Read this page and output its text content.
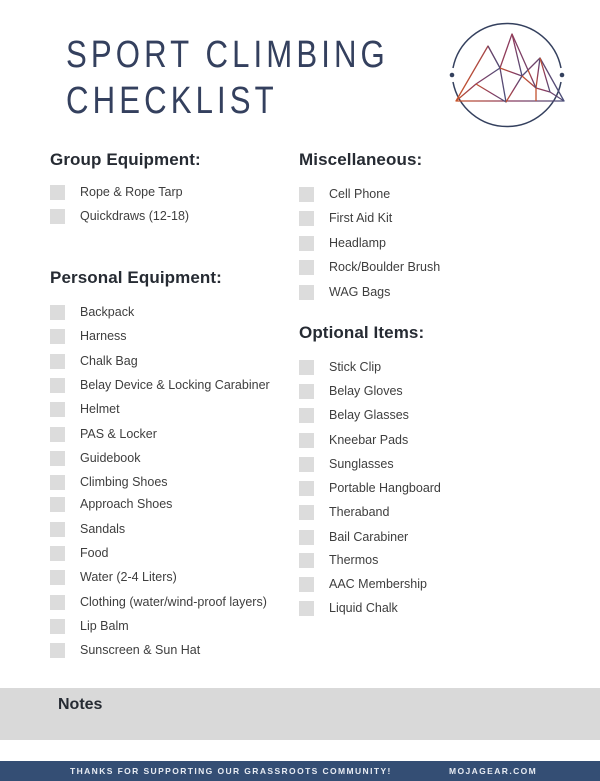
SPORT CLIMBING
CHECKLIST
Group Equipment:
Rope & Rope Tarp
Quickdraws (12-18)
Personal Equipment:
Backpack
Harness
Chalk Bag
Belay Device & Locking Carabiner
Helmet
PAS & Locker
Guidebook
Climbing Shoes
Approach Shoes
Sandals
Food
Water (2-4 Liters)
Clothing (water/wind-proof layers)
Lip Balm
Sunscreen & Sun Hat
Miscellaneous:
Cell Phone
First Aid Kit
Headlamp
Rock/Boulder Brush
WAG Bags
Optional Items:
Stick Clip
Belay Gloves
Belay Glasses
Kneebar Pads
Sunglasses
Portable Hangboard
Theraband
Bail Carabiner
Thermos
AAC Membership
Liquid Chalk
Notes
THANKS FOR SUPPORTING OUR GRASSROOTS COMMUNITY!	MOJAGEAR.COM
